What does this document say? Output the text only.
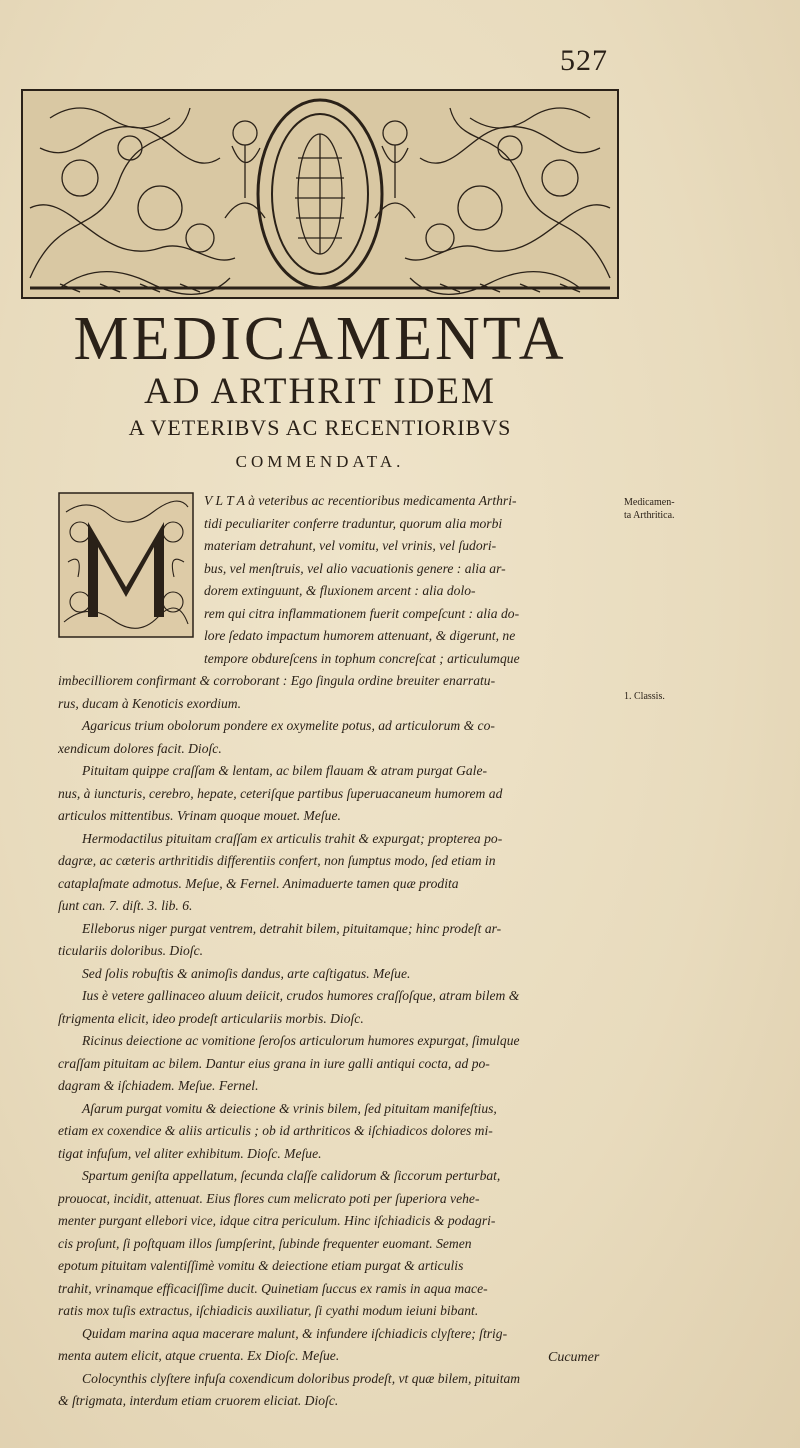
527
MEDICAMENTA
AD ARTHRIT IDEM
A VETERIBVS AC RECENTIORIBVS
COMMENDATA.
V L T A à veteribus ac recentioribus medicamenta Arthri-
tidi peculiariter conferre traduntur, quorum alia morbi
materiam detrahunt, vel vomitu, vel vrinis, vel ſudori-
bus, vel menſtruis, vel alio vacuationis genere : alia ar-
dorem extinguunt, & fluxionem arcent : alia dolo-
rem qui citra inflammationem fuerit compeſcunt : alia do-
lore ſedato impactum humorem attenuant, & digerunt, ne
tempore obdureſcens in tophum concreſcat ; articulumque
imbecilliorem confirmant & corroborant : Ego ſingula ordine breuiter enarratu-
rus, ducam à Kenoticis exordium.
Agaricus trium obolorum pondere ex oxymelite potus, ad articulorum & co-
xendicum dolores facit. Dioſc.
Pituitam quippe craſſam & lentam, ac bilem flauam & atram purgat Gale-
nus, à iuncturis, cerebro, hepate, ceteriſque partibus ſuperuacaneum humorem ad
articulos mittentibus. Vrinam quoque mouet. Meſue.
Hermodactilus pituitam craſſam ex articulis trahit & expurgat; propterea po-
dagræ, ac cæteris arthritidis differentiis confert, non ſumptus modo, ſed etiam in
cataplaſmate admotus. Meſue, & Fernel. Animaduerte tamen quæ prodita
ſunt can. 7. diſt. 3. lib. 6.
Elleborus niger purgat ventrem, detrahit bilem, pituitamque; hinc prodeſt ar-
ticulariis doloribus. Dioſc.
Sed ſolis robuſtis & animoſis dandus, arte caſtigatus. Meſue.
Ius è vetere gallinaceo aluum deiicit, crudos humores craſſoſque, atram bilem &
ſtrigmenta elicit, ideo prodeſt articulariis morbis. Dioſc.
Ricinus deiectione ac vomitione ſeroſos articulorum humores expurgat, ſimulque
craſſam pituitam ac bilem. Dantur eius grana in iure galli antiqui cocta, ad po-
dagram & iſchiadem. Meſue. Fernel.
Aſarum purgat vomitu & deiectione & vrinis bilem, ſed pituitam manifeſtius,
etiam ex coxendice & aliis articulis ; ob id arthriticos & iſchiadicos dolores mi-
tigat infuſum, vel aliter exhibitum. Dioſc. Meſue.
Spartum geniſta appellatum, ſecunda claſſe calidorum & ſiccorum perturbat,
prouocat, incidit, attenuat. Eius flores cum melicrato poti per ſuperiora vehe-
menter purgant ellebori vice, idque citra periculum. Hinc iſchiadicis & podagri-
cis proſunt, ſi poſtquam illos ſumpſerint, ſubinde frequenter euomant. Semen
epotum pituitam valentiſſimè vomitu & deiectione etiam purgat & articulis
trahit, vrinamque efficaciſſime ducit. Quinetiam ſuccus ex ramis in aqua mace-
ratis mox tuſis extractus, iſchiadicis auxiliatur, ſi cyathi modum ieiuni bibant.
Quidam marina aqua macerare malunt, & infundere iſchiadicis clyſtere; ſtrig-
menta autem elicit, atque cruenta. Ex Dioſc. Meſue.
Colocynthis clyſtere infuſa coxendicum doloribus prodeſt, vt quæ bilem, pituitam
& ſtrigmata, interdum etiam cruorem eliciat. Dioſc.
Medicamen-
ta Arthritica.
1. Classis.
Cucumer
